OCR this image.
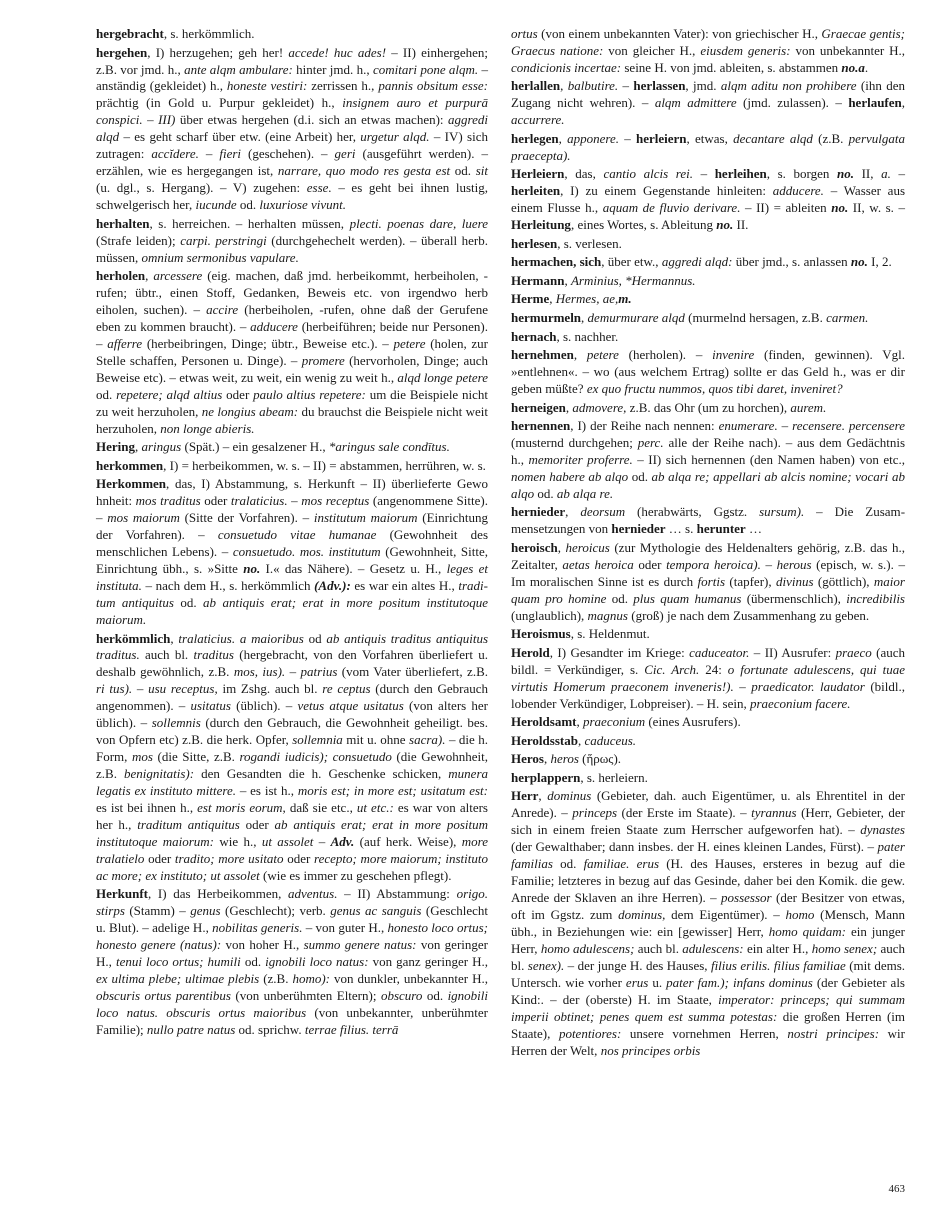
hergebracht, s. herkömmlich.

hergehen, I) herzugehen; geh her! accede! huc ades! – II) einhergehen; z.B. vor jmd. h., ante alqm ambulare: hinter jmd. h., comitari pone alqm. – anständig (gekleidet) h., honeste vestiri: zerrissen h., pannis obsitum esse: prächtig (in Gold u. Purpur gekleidet) h., insignem auro et purpurā conspici. – III) über etwas hergehen (d.i. sich an etwas machen): aggredi alqd – es geht scharf über etw. (eine Arbeit) her, urgetur alqd. – IV) sich zutragen: accĭdere. – fieri (geschehen). – geri (ausgeführt werden). – erzählen, wie es hergegangen ist, narrare, quo modo res gesta est od. sit (u. dgl., s. Hergang). – V) zugehen: esse. – es geht bei ihnen lustig, schwelgerisch her, iucunde od. luxuriose vivunt.

herhalten, s. herreichen. – herhalten müssen, plecti. poenas dare, luere (Strafe leiden); carpi. perstringi (durchgehechelt werden). – überall herb. müssen, omnium sermonibus vapulare.

herholen, arcessere (eig. machen, daß jmd. herbeikommt, herbeiholen, -rufen; übtr., einen Stoff, Gedanken, Beweis etc. von irgendwo herb eiholen, suchen). – accire (herbeiholen, -rufen, ohne daß der Gerufene eben zu kommen braucht). – adducere (herbeiführen; beide nur Personen). – afferre (herbeibringen, Dinge; übtr., Beweise etc.). – petere (holen, zur Stelle schaffen, Personen u. Dinge). – promere (hervorholen, Dinge; auch Beweise etc). – etwas weit, zu weit, ein wenig zu weit h., alqd longe petere od. repetere; alqd altius oder paulo altius repetere: um die Beispiele nicht zu weit herzuholen, ne longius abeam: du brauchst die Beispiele nicht weit herzuholen, non longe abieris.

Hering, aringus (Spät.) – ein gesalzener H., *aringus sale condītus.

herkommen, I) = herbeikommen, w. s. – II) = abstammen, herrühren, w. s.

Herkommen, das, I) Abstammung, s. Herkunft – II) überlieferte Gewo hnheit: mos traditus oder tralaticius. – mos receptus (angenommene Sitte). – mos maiorum (Sitte der Vorfahren). – institutum maiorum (Einrichtung der Vorfahren). – consuetudo vitae humanae (Gewohnheit des menschlichen Lebens). – consuetudo. mos. institutum (Gewohnheit, Sitte, Einrichtung übh., s. »Sitte no. I.« das Nähere). – Gesetz u. H., leges et instituta. – nach dem H., s. herkömmlich (Adv.): es war ein altes H., traditum antiquitus od. ab antiquis erat; erat in more positum institutoque maiorum.

herkömmlich, tralaticius. a maioribus od ab antiquis traditus antiquitus traditus. auch bl. traditus (hergebracht, von den Vorfahren überliefert u. deshalb gewöhnlich, z.B. mos, ius). – patrius (vom Vater überliefert, z.B. ri tus). – usu receptus, im Zshg. auch bl. re ceptus (durch den Gebrauch angenommen). – usitatus (üblich). – vetus atque usitatus (von alters her üblich). – sollemnis (durch den Gebrauch, die Gewohnheit geheiligt. bes. von Opfern etc) z.B. die herk. Opfer, sollemnia mit u. ohne sacra). – die h. Form, mos (die Sitte, z.B. rogandi iudicis); consuetudo (die Gewohnheit, z.B. benignitatis): den Gesandten die h. Geschenke schicken, munera legatis ex instituto mittere. – es ist h., moris est; in more est; usitatum est: es ist bei ihnen h., est moris eorum, daß sie etc., ut etc.: es war von alters her h., traditum antiquitus oder ab antiquis erat; erat in more positum institutoque maiorum: wie h., ut assolet – Adv. (auf herk. Weise), more tralatielo oder tradito; more usitato oder recepto; more maiorum; instituto ac more; ex instituto; ut assolet (wie es immer zu geschehen pflegt).

Herkunft, I) das Herbeikommen, adventus. – II) Abstammung: origo. stirps (Stamm) – genus (Geschlecht); verb. genus ac sanguis (Geschlecht u. Blut). – adelige H., nobilitas generis. – von guter H., honesto loco ortus; honesto genere (natus): von hoher H., summo genere natus: von geringer H., tenui loco ortus; humili od. ignobili loco natus: von ganz geringer H., ex ultima plebe; ultimae plebis (z.B. homo): von dunkler, unbekannter H., obscuris ortus parentibus (von unberühmten Eltern); obscuro od. ignobili loco natus. obscuris ortus maioribus (von unbekannter, unberühmter Familie); nullo patre natus od. sprichw. terrae filius. terrā

ortus (von einem unbekannten Vater): von griechischer H., Graecae gentis; Graecus natione: von gleicher H., eiusdem generis: von unbekannter H., condicionis incertae: seine H. von jmd. ableiten, s. abstammen no.a.

herlallen, balbutire. – herlassen, jmd. alqm aditu non prohibere (ihn den Zugang nicht wehren). – alqm admittere (jmd. zulassen). – herlaufen, accurrere.

herlegen, apponere. – herleiern, etwas, decantare alqd (z.B. pervulgata praecepta).

Herleiern, das, cantio alcis rei. – herleihen, s. borgen no. II, a. – herleiten, I) zu einem Gegenstande hinleiten: adducere. – Wasser aus einem Flusse h., aquam de fluvio derivare. – II) = ableiten no. II, w. s. – Herleitung, eines Wortes, s. Ableitung no. II.

herlesen, s. verlesen.

hermachen, sich, über etw., aggredi alqd: über jmd., s. anlassen no. I, 2.

Hermann, Arminius, *Hermannus.

Herme, Hermes, ae,m.

hermurmeln, demurmurare alqd (murmelnd hersagen, z.B. carmen.

hernach, s. nachher.

hernehmen, petere (herholen). – invenire (finden, gewinnen). Vgl. »entlehnen«. – wo (aus welchem Ertrag) sollte er das Geld h., was er dir geben müßte? ex quo fructu nummos, quos tibi daret, inveniret?

herneigen, admovere, z.B. das Ohr (um zu horchen), aurem.

hernennen, I) der Reihe nach nennen: enumerare. – recensere. percensere (musternd durchgehen; perc. alle der Reihe nach). – aus dem Gedächtnis h., memoriter proferre. – II) sich hernennen (den Namen haben) von etc., nomen habere ab alqo od. ab alqa re; appellari ab alcis nomine; vocari ab alqo od. ab alqa re.

hernieder, deorsum (herabwärts, Ggstz. sursum). – Die Zusammensetzungen von hernieder … s. herunter …

heroisch, heroicus (zur Mythologie des Heldenalters gehörig, z.B. das h., Zeitalter, aetas heroica oder tempora heroica). – herous (episch, w. s.). – Im moralischen Sinne ist es durch fortis (tapfer), divinus (göttlich), maior quam pro homine od. plus quam humanus (übermenschlich), incredibilis (unglaublich), magnus (groß) je nach dem Zusammenhang zu geben.

Heroismus, s. Heldenmut.

Herold, I) Gesandter im Kriege: caduceator. – II) Ausrufer: praeco (auch bildl. = Verkündiger, s. Cic. Arch. 24: o fortunate adulescens, qui tuae virtutis Homerum praeconem inveneris!). – praedicator. laudator (bildl., lobender Verkündiger, Lobpreiser). – H. sein, praeconium facere.

Heroldsamt, praeconium (eines Ausrufers).

Heroldsstab, caduceus.

Heros, heros (ἥρως).

herplappern, s. herleiern.

Herr, dominus (Gebieter, dah. auch Eigentümer, u. als Ehrentitel in der Anrede). – princeps (der Erste im Staate). – tyrannus (Herr, Gebieter, der sich in einem freien Staate zum Herrscher aufgeworfen hat). – dynastes (der Gewalthaber; dann insbes. der H. eines kleinen Landes, Fürst). – pater familias od. familiae. erus (H. des Hauses, ersteres in bezug auf die Familie; letzteres in bezug auf das Gesinde, daher bei den Komik. die gew. Anrede der Sklaven an ihre Herren). – possessor (der Besitzer von etwas, oft im Ggstz. zum dominus, dem Eigentümer). – homo (Mensch, Mann übh., in Beziehungen wie: ein [gewisser] Herr, homo quidam: ein junger Herr, homo adulescens; auch bl. adulescens: ein alter H., homo senex; auch bl. senex). – der junge H. des Hauses, filius erilis. filius familiae (mit dems. Untersch. wie vorher erus u. pater fam.); infans dominus (der Gebieter als Kind:. – der (oberste) H. im Staate, imperator: princeps; qui summam imperii obtinet; penes quem est summa potestas: die großen Herren (im Staate), potentiores: unsere vornehmen Herren, nostri principes: wir Herren der Welt, nos principes orbis

463
